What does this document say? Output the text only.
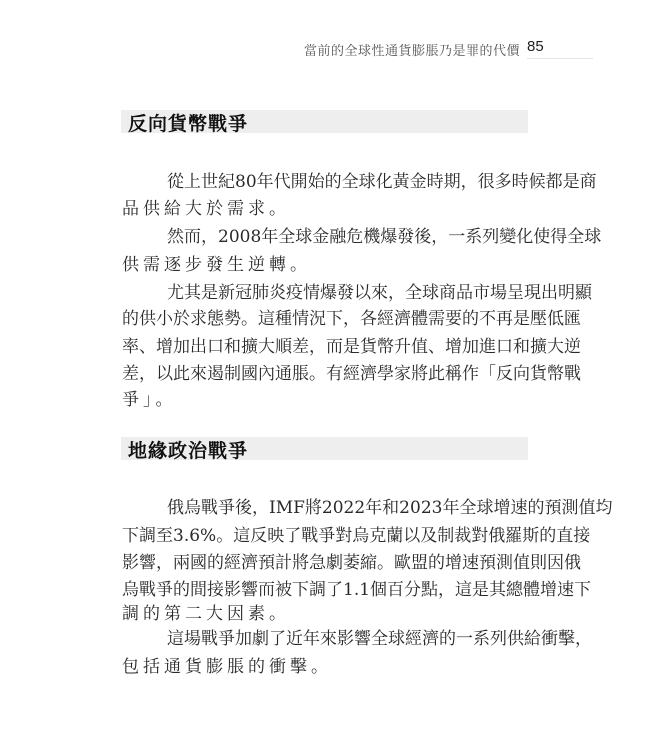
當前的全球性通貨膨脹乃是罪的代價 85
反向貨幣戰爭
從上世紀80年代開始的全球化黃金時期，很多時候都是商
品供給大於需求。
然而，2008年全球金融危機爆發後，一系列變化使得全球
供需逐步發生逆轉。
尤其是新冠肺炎疫情爆發以來，全球商品市場呈現出明顯
的供小於求態勢。這種情況下，各經濟體需要的不再是壓低匯
率、增加出口和擴大順差，而是貨幣升值、增加進口和擴大逆
差，以此來遏制國內通脹。有經濟學家將此稱作「反向貨幣戰
爭」。
地緣政治戰爭
俄烏戰爭後，IMF將2022年和2023年全球增速的預測值均
下調至3.6%。這反映了戰爭對烏克蘭以及制裁對俄羅斯的直接
影響，兩國的經濟預計將急劇萎縮。歐盟的增速預測值則因俄
烏戰爭的間接影響而被下調了1.1個百分點，這是其總體增速下
調的第二大因素。
這場戰爭加劇了近年來影響全球經濟的一系列供給衝擊，
包括通貨膨脹的衝擊。
